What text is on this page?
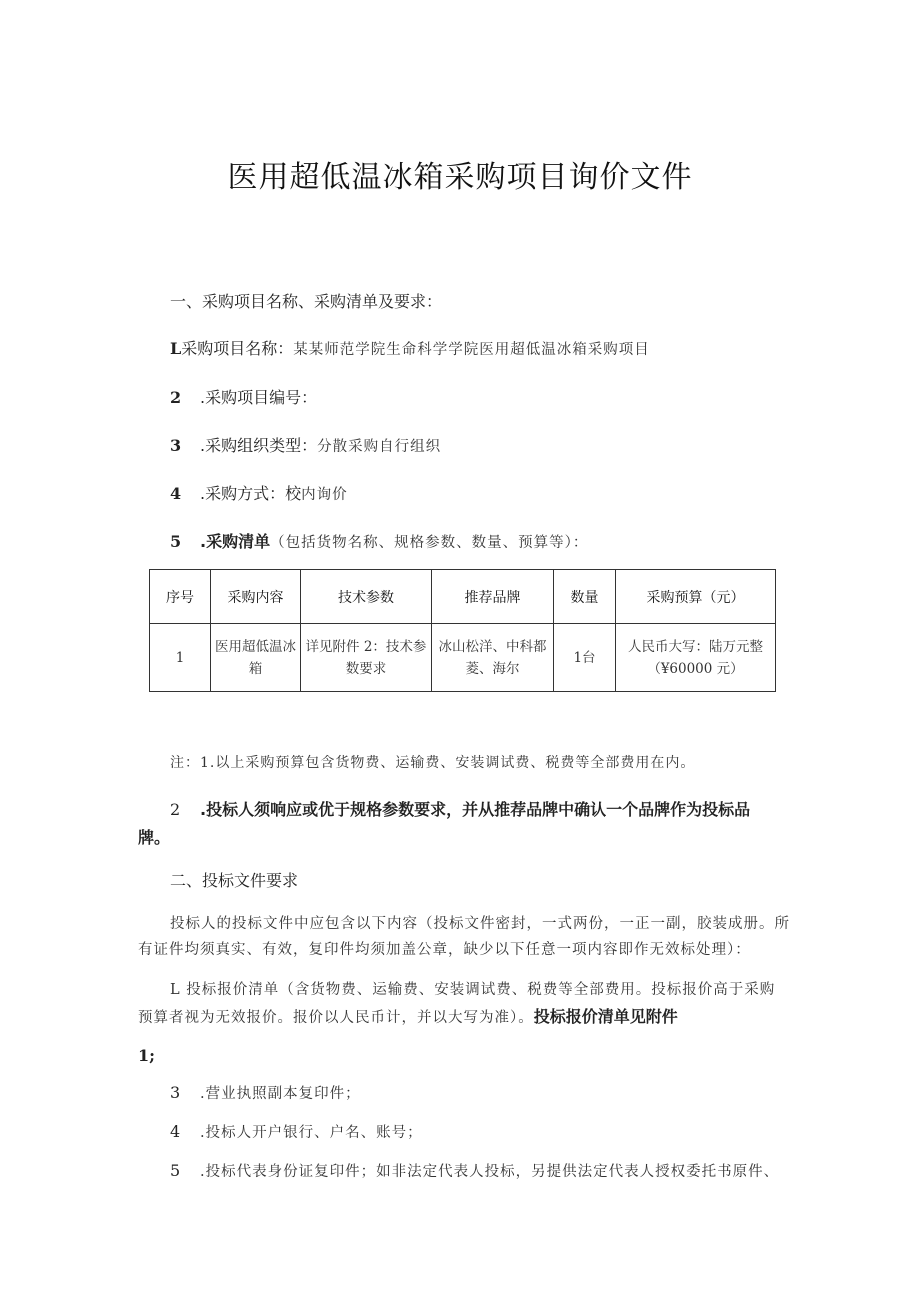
医用超低温冰箱采购项目询价文件
一、采购项目名称、采购清单及要求：
L采购项目名称：某某师范学院生命科学学院医用超低温冰箱采购项目
2 .采购项目编号：
3 .采购组织类型：分散采购自行组织
4 .采购方式：校内询价
5 .采购清单（包括货物名称、规格参数、数量、预算等）：
序号	采购内容	技术参数	推荐品牌	数量	采购预算（元）
1	医用超低温冰箱	详见附件 2：技术参数要求	冰山松洋、中科都菱、海尔	1台	人民币大写：陆万元整（¥60000 元）
注：1.以上采购预算包含货物费、运输费、安装调试费、税费等全部费用在内。
2 .投标人须响应或优于规格参数要求，并从推荐品牌中确认一个品牌作为投标品
牌。
二、投标文件要求
投标人的投标文件中应包含以下内容（投标文件密封，一式两份，一正一副，胶装成册。所
有证件均须真实、有效，复印件均须加盖公章，缺少以下任意一项内容即作无效标处理）：
L 投标报价清单（含货物费、运输费、安装调试费、税费等全部费用。投标报价高于采购
预算者视为无效报价。报价以人民币计，并以大写为准）。投标报价清单见附件
1;
3 .营业执照副本复印件；
4 .投标人开户银行、户名、账号；
5 .投标代表身份证复印件；如非法定代表人投标，另提供法定代表人授权委托书原件、
